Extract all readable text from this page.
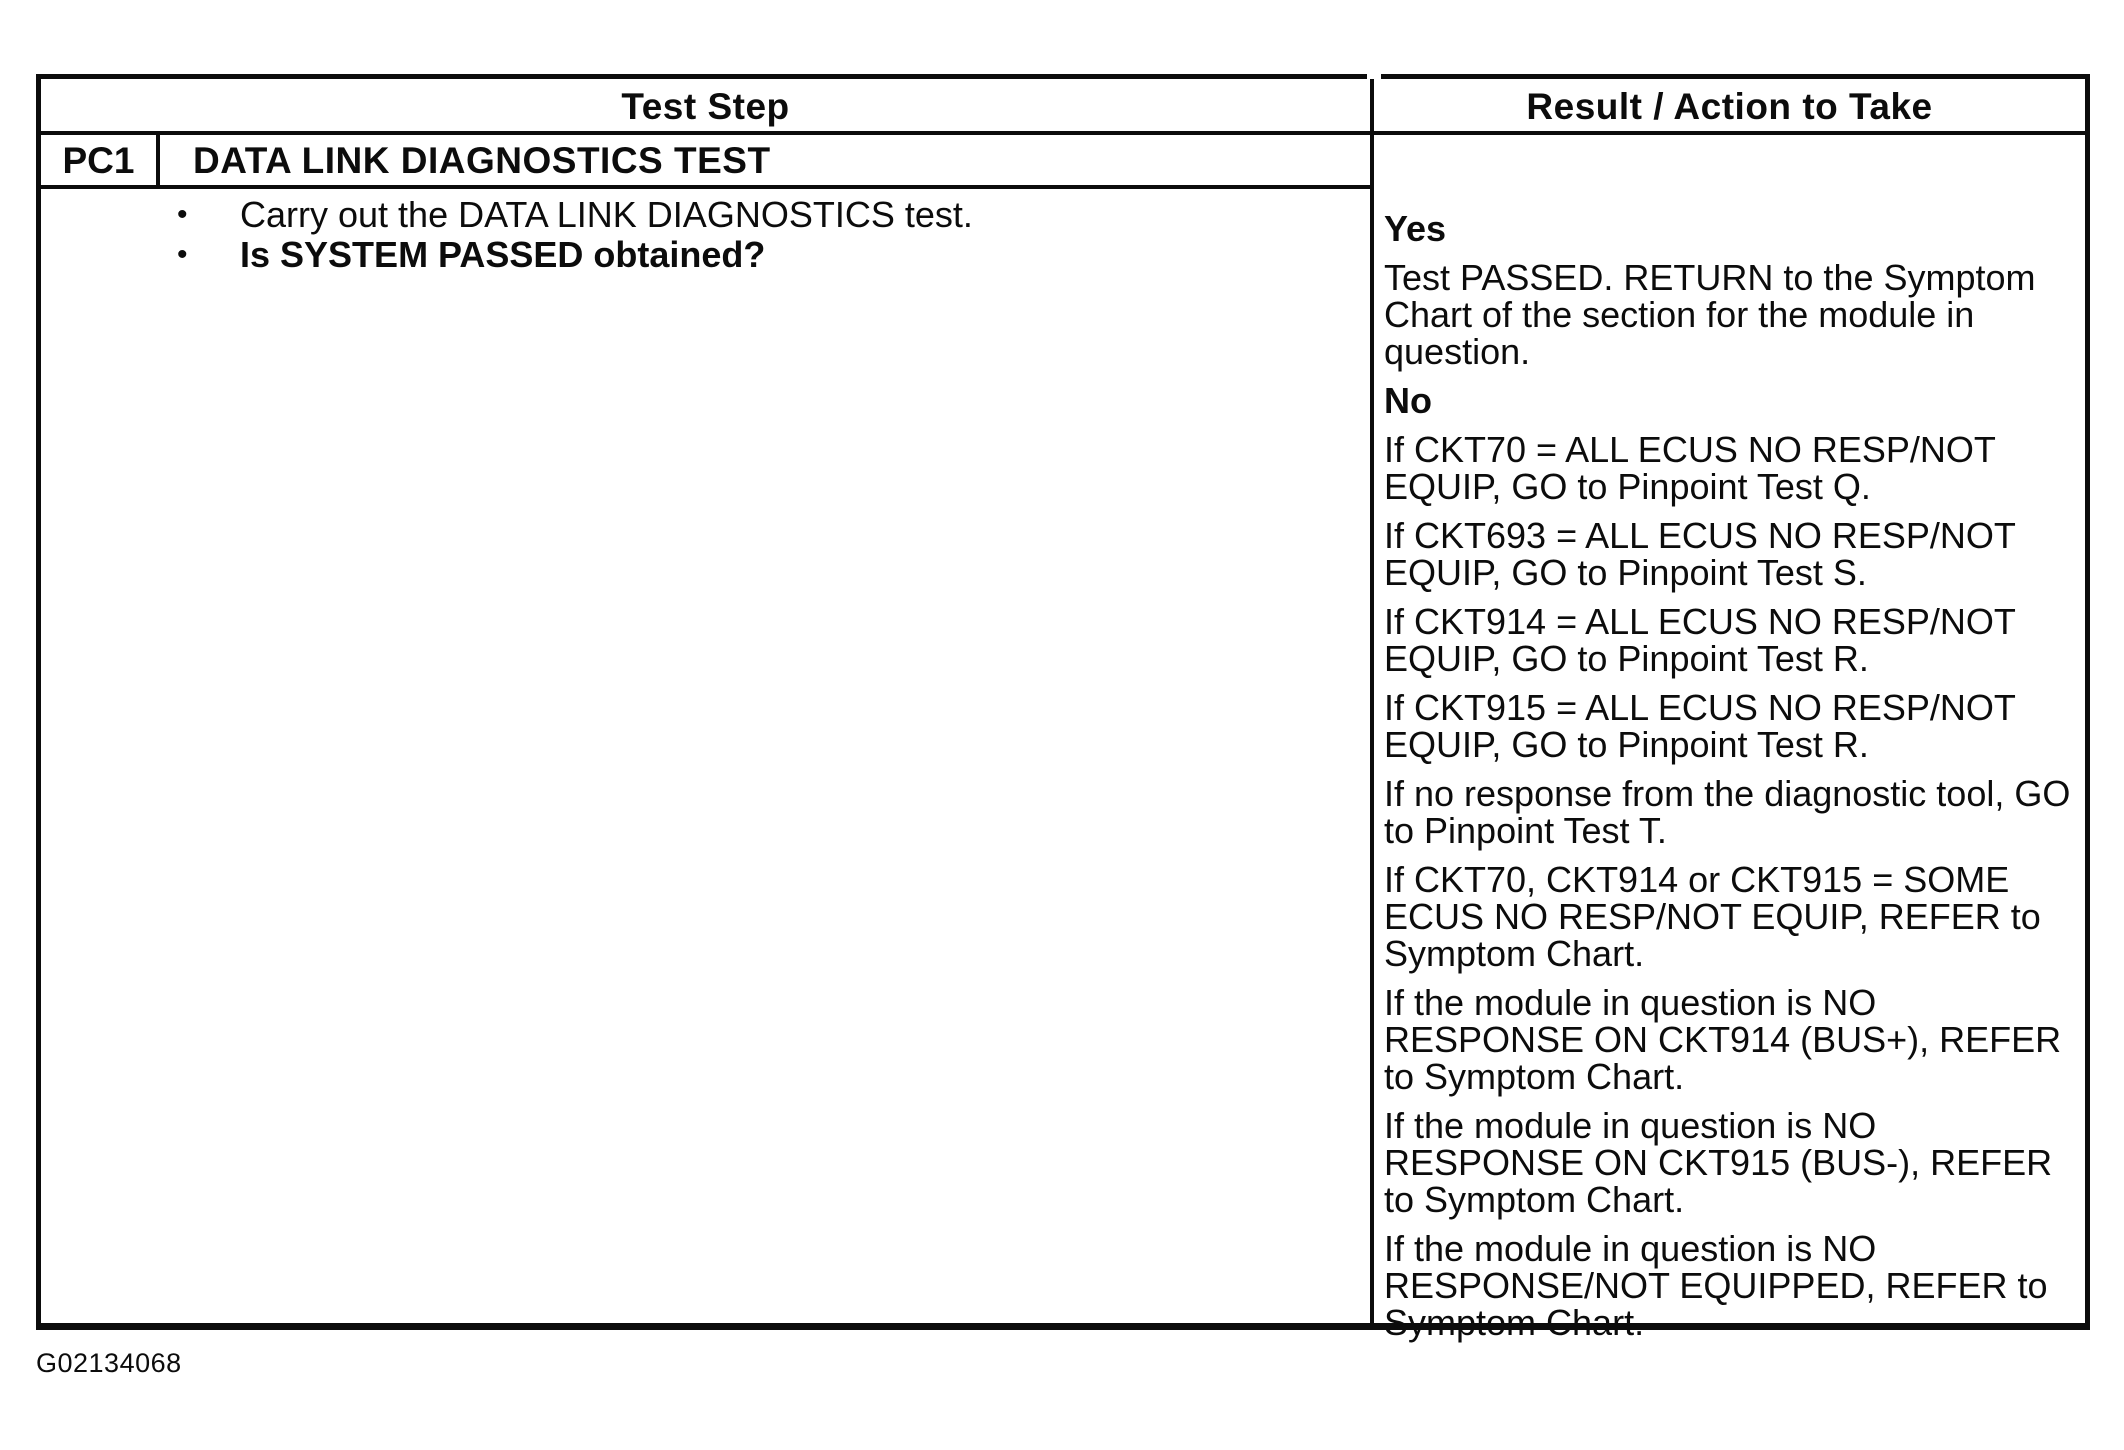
Test Step	Result / Action to Take
PC1	DATA LINK DIAGNOSTICS TEST
•	Carry out the DATA LINK DIAGNOSTICS test.
•	Is SYSTEM PASSED obtained?

Yes

Test PASSED. RETURN to the Symptom Chart of the section for the module in question.

No

If CKT70 = ALL ECUS NO RESP/NOT EQUIP, GO to Pinpoint Test Q.

If CKT693 = ALL ECUS NO RESP/NOT EQUIP, GO to Pinpoint Test S.

If CKT914 = ALL ECUS NO RESP/NOT EQUIP, GO to Pinpoint Test R.

If CKT915 = ALL ECUS NO RESP/NOT EQUIP, GO to Pinpoint Test R.

If no response from the diagnostic tool, GO to Pinpoint Test T.

If CKT70, CKT914 or CKT915 = SOME ECUS NO RESP/NOT EQUIP, REFER to Symptom Chart.

If the module in question is NO RESPONSE ON CKT914 (BUS+), REFER to Symptom Chart.

If the module in question is NO RESPONSE ON CKT915 (BUS-), REFER to Symptom Chart.

If the module in question is NO RESPONSE/NOT EQUIPPED, REFER to Symptom Chart.

G02134068
